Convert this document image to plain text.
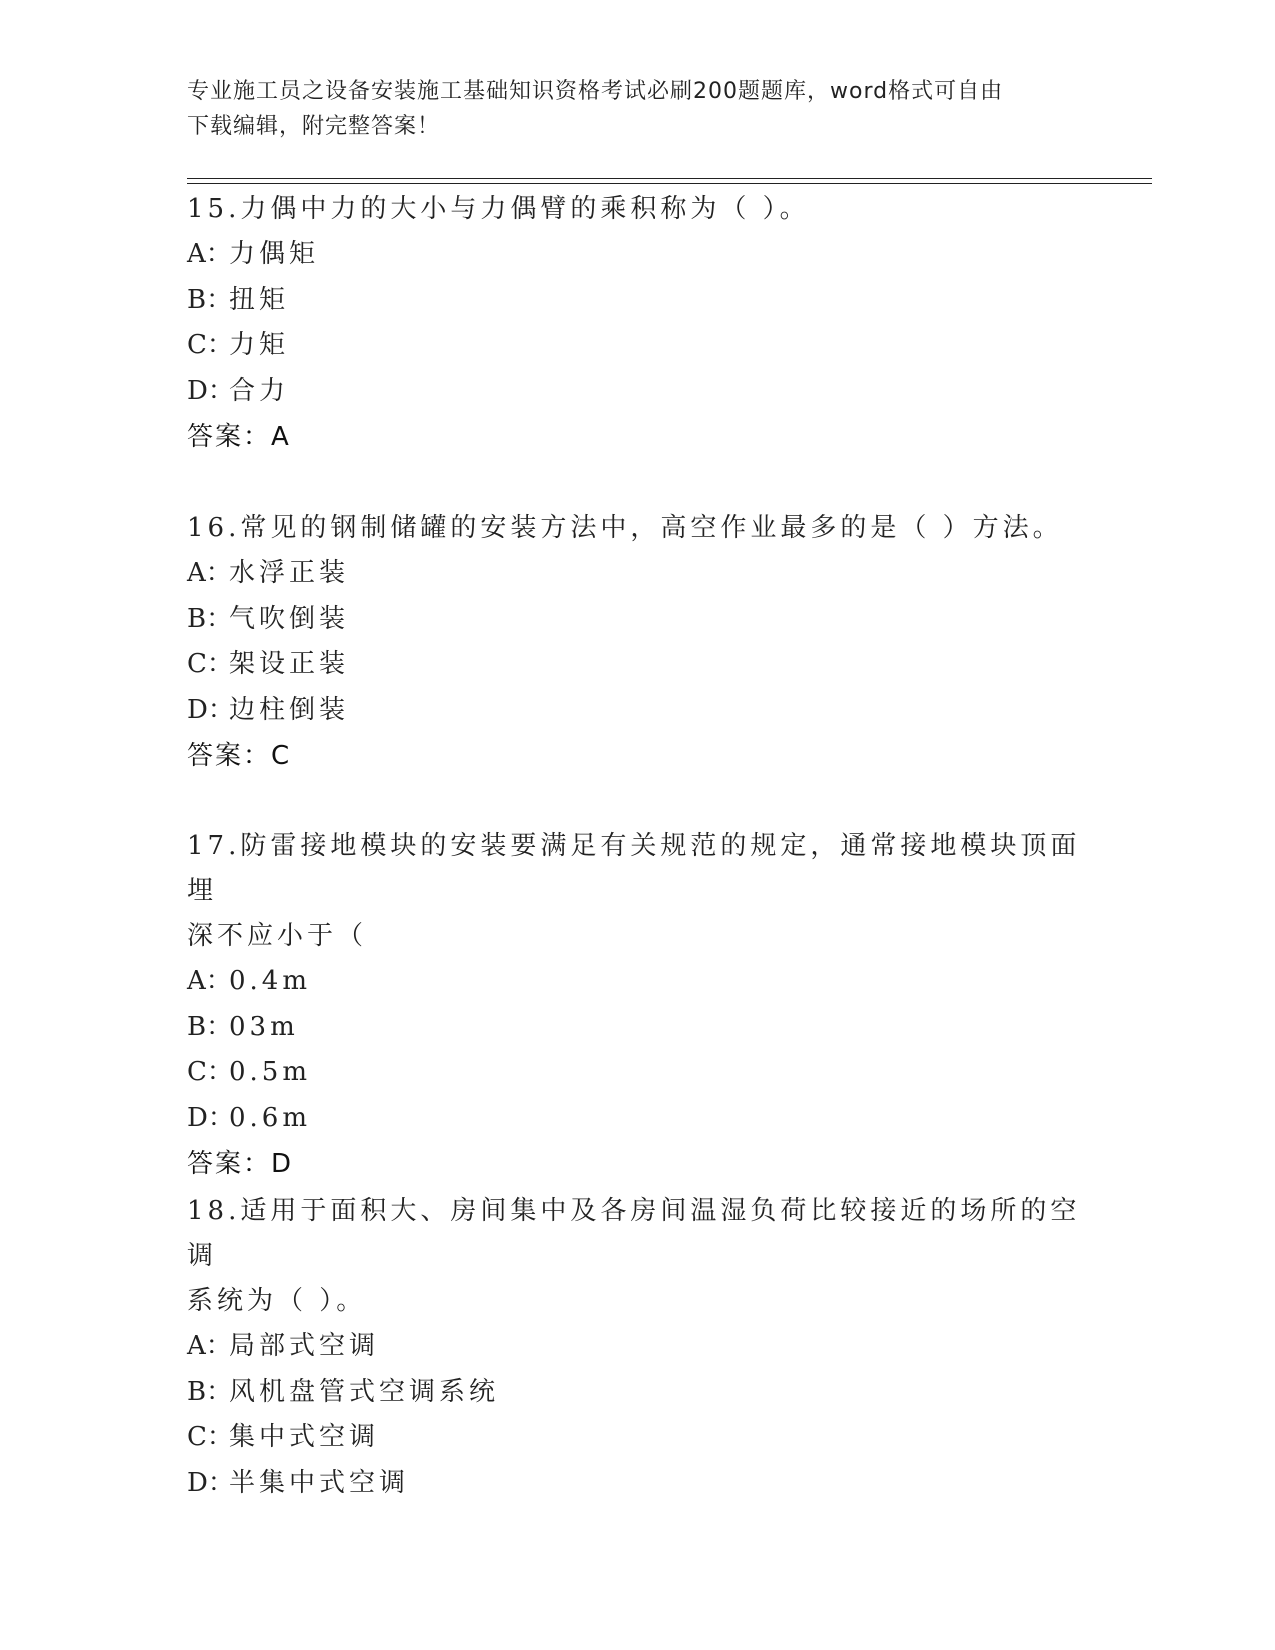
专业施工员之设备安装施工基础知识资格考试必刷200题题库，word格式可自由
下载编辑，附完整答案！
15.力偶中力的大小与力偶臂的乘积称为（ ）。
A：力偶矩
B：扭矩
C：力矩
D：合力
答案：A
16.常见的钢制储罐的安装方法中，高空作业最多的是（ ）方法。
A：水浮正装
B：气吹倒装
C：架设正装
D：边柱倒装
答案：C
17.防雷接地模块的安装要满足有关规范的规定，通常接地模块顶面埋
深不应小于（
A：0.4m
B：03m
C：0.5m
D：0.6m
答案：D
18.适用于面积大、房间集中及各房间温湿负荷比较接近的场所的空调
系统为（ ）。
A：局部式空调
B：风机盘管式空调系统
C：集中式空调
D：半集中式空调
